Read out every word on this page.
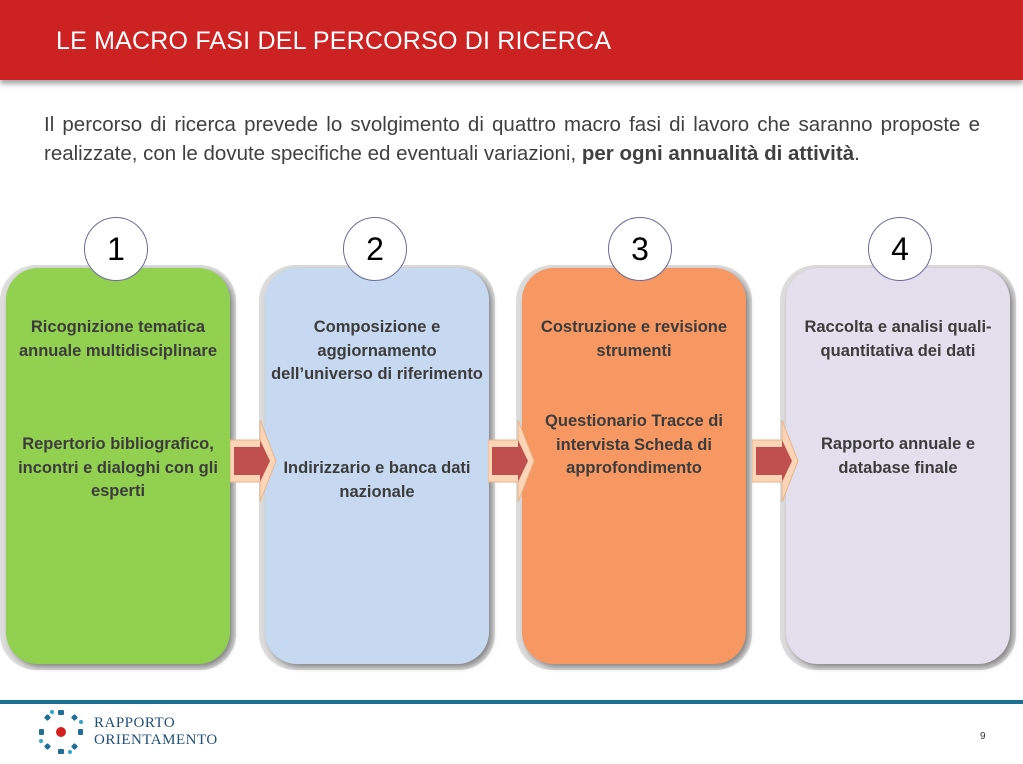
LE MACRO FASI DEL PERCORSO DI RICERCA

Il percorso di ricerca prevede lo svolgimento di quattro macro fasi di lavoro che saranno proposte e realizzate, con le dovute specifiche ed eventuali variazioni, per ogni annualità di attività.

1	2	3	4

Ricognizione tematica annuale multidisciplinare

Repertorio bibliografico, incontri e dialoghi con gli esperti

Composizione e aggiornamento dell’universo di riferimento

Indirizzario e banca dati nazionale

Costruzione e revisione strumenti

Questionario Tracce di intervista Scheda di approfondimento

Raccolta e analisi quali-quantitativa dei dati

Rapporto annuale e database finale

RAPPORTO
ORIENTAMENTO	9
